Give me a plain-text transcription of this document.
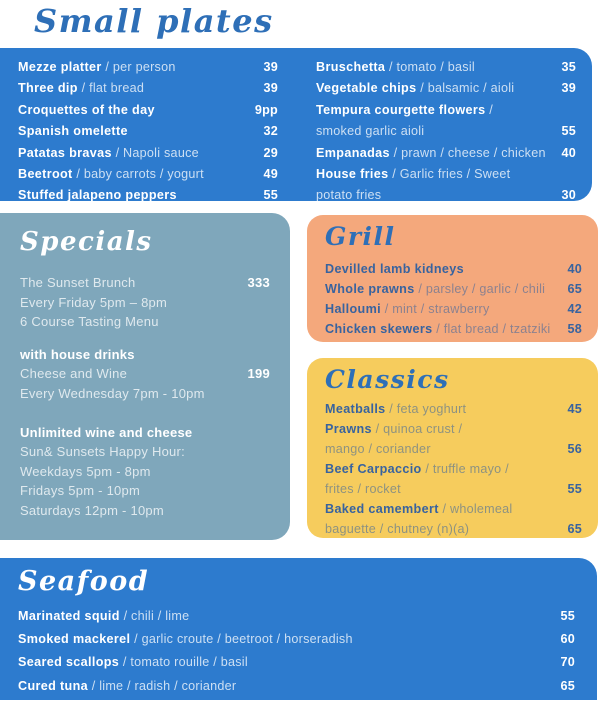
Small plates
Mezze platter / per person	39
Three dip / flat bread	39
Croquettes of the day	9pp
Spanish omelette	32
Patatas bravas / Napoli sauce	29
Beetroot / baby carrots / yogurt	49
Stuffed jalapeno peppers	55
Bruschetta / tomato / basil	35
Vegetable chips / balsamic / aioli	39
Tempura courgette flowers /
smoked garlic aioli	55
Empanadas / prawn / cheese / chicken 40
House fries / Garlic fries / Sweet
potato fries	30
Specials
The Sunset Brunch	333
Every Friday 5pm – 8pm
6 Course Tasting Menu
with house drinks
Cheese and Wine	199
Every Wednesday 7pm - 10pm
Unlimited wine and cheese
Sun& Sunsets Happy Hour:
Weekdays 5pm - 8pm
Fridays 5pm - 10pm
Saturdays 12pm - 10pm
Grill
Devilled lamb kidneys	40
Whole prawns / parsley / garlic / chili 65
Halloumi / mint / strawberry	42
Chicken skewers / flat bread / tzatziki 58
Classics
Meatballs / feta yoghurt	45
Prawns / quinoa crust /
mango / coriander	56
Beef Carpaccio / truffle mayo /
frites / rocket	55
Baked camembert / wholemeal
baguette / chutney (n)(a)	65
Seafood
Marinated squid / chili / lime	55
Smoked mackerel / garlic croute / beetroot / horseradish	60
Seared scallops / tomato rouille / basil	70
Cured tuna / lime / radish / coriander	65
Whitebait / lemon mayo	68
